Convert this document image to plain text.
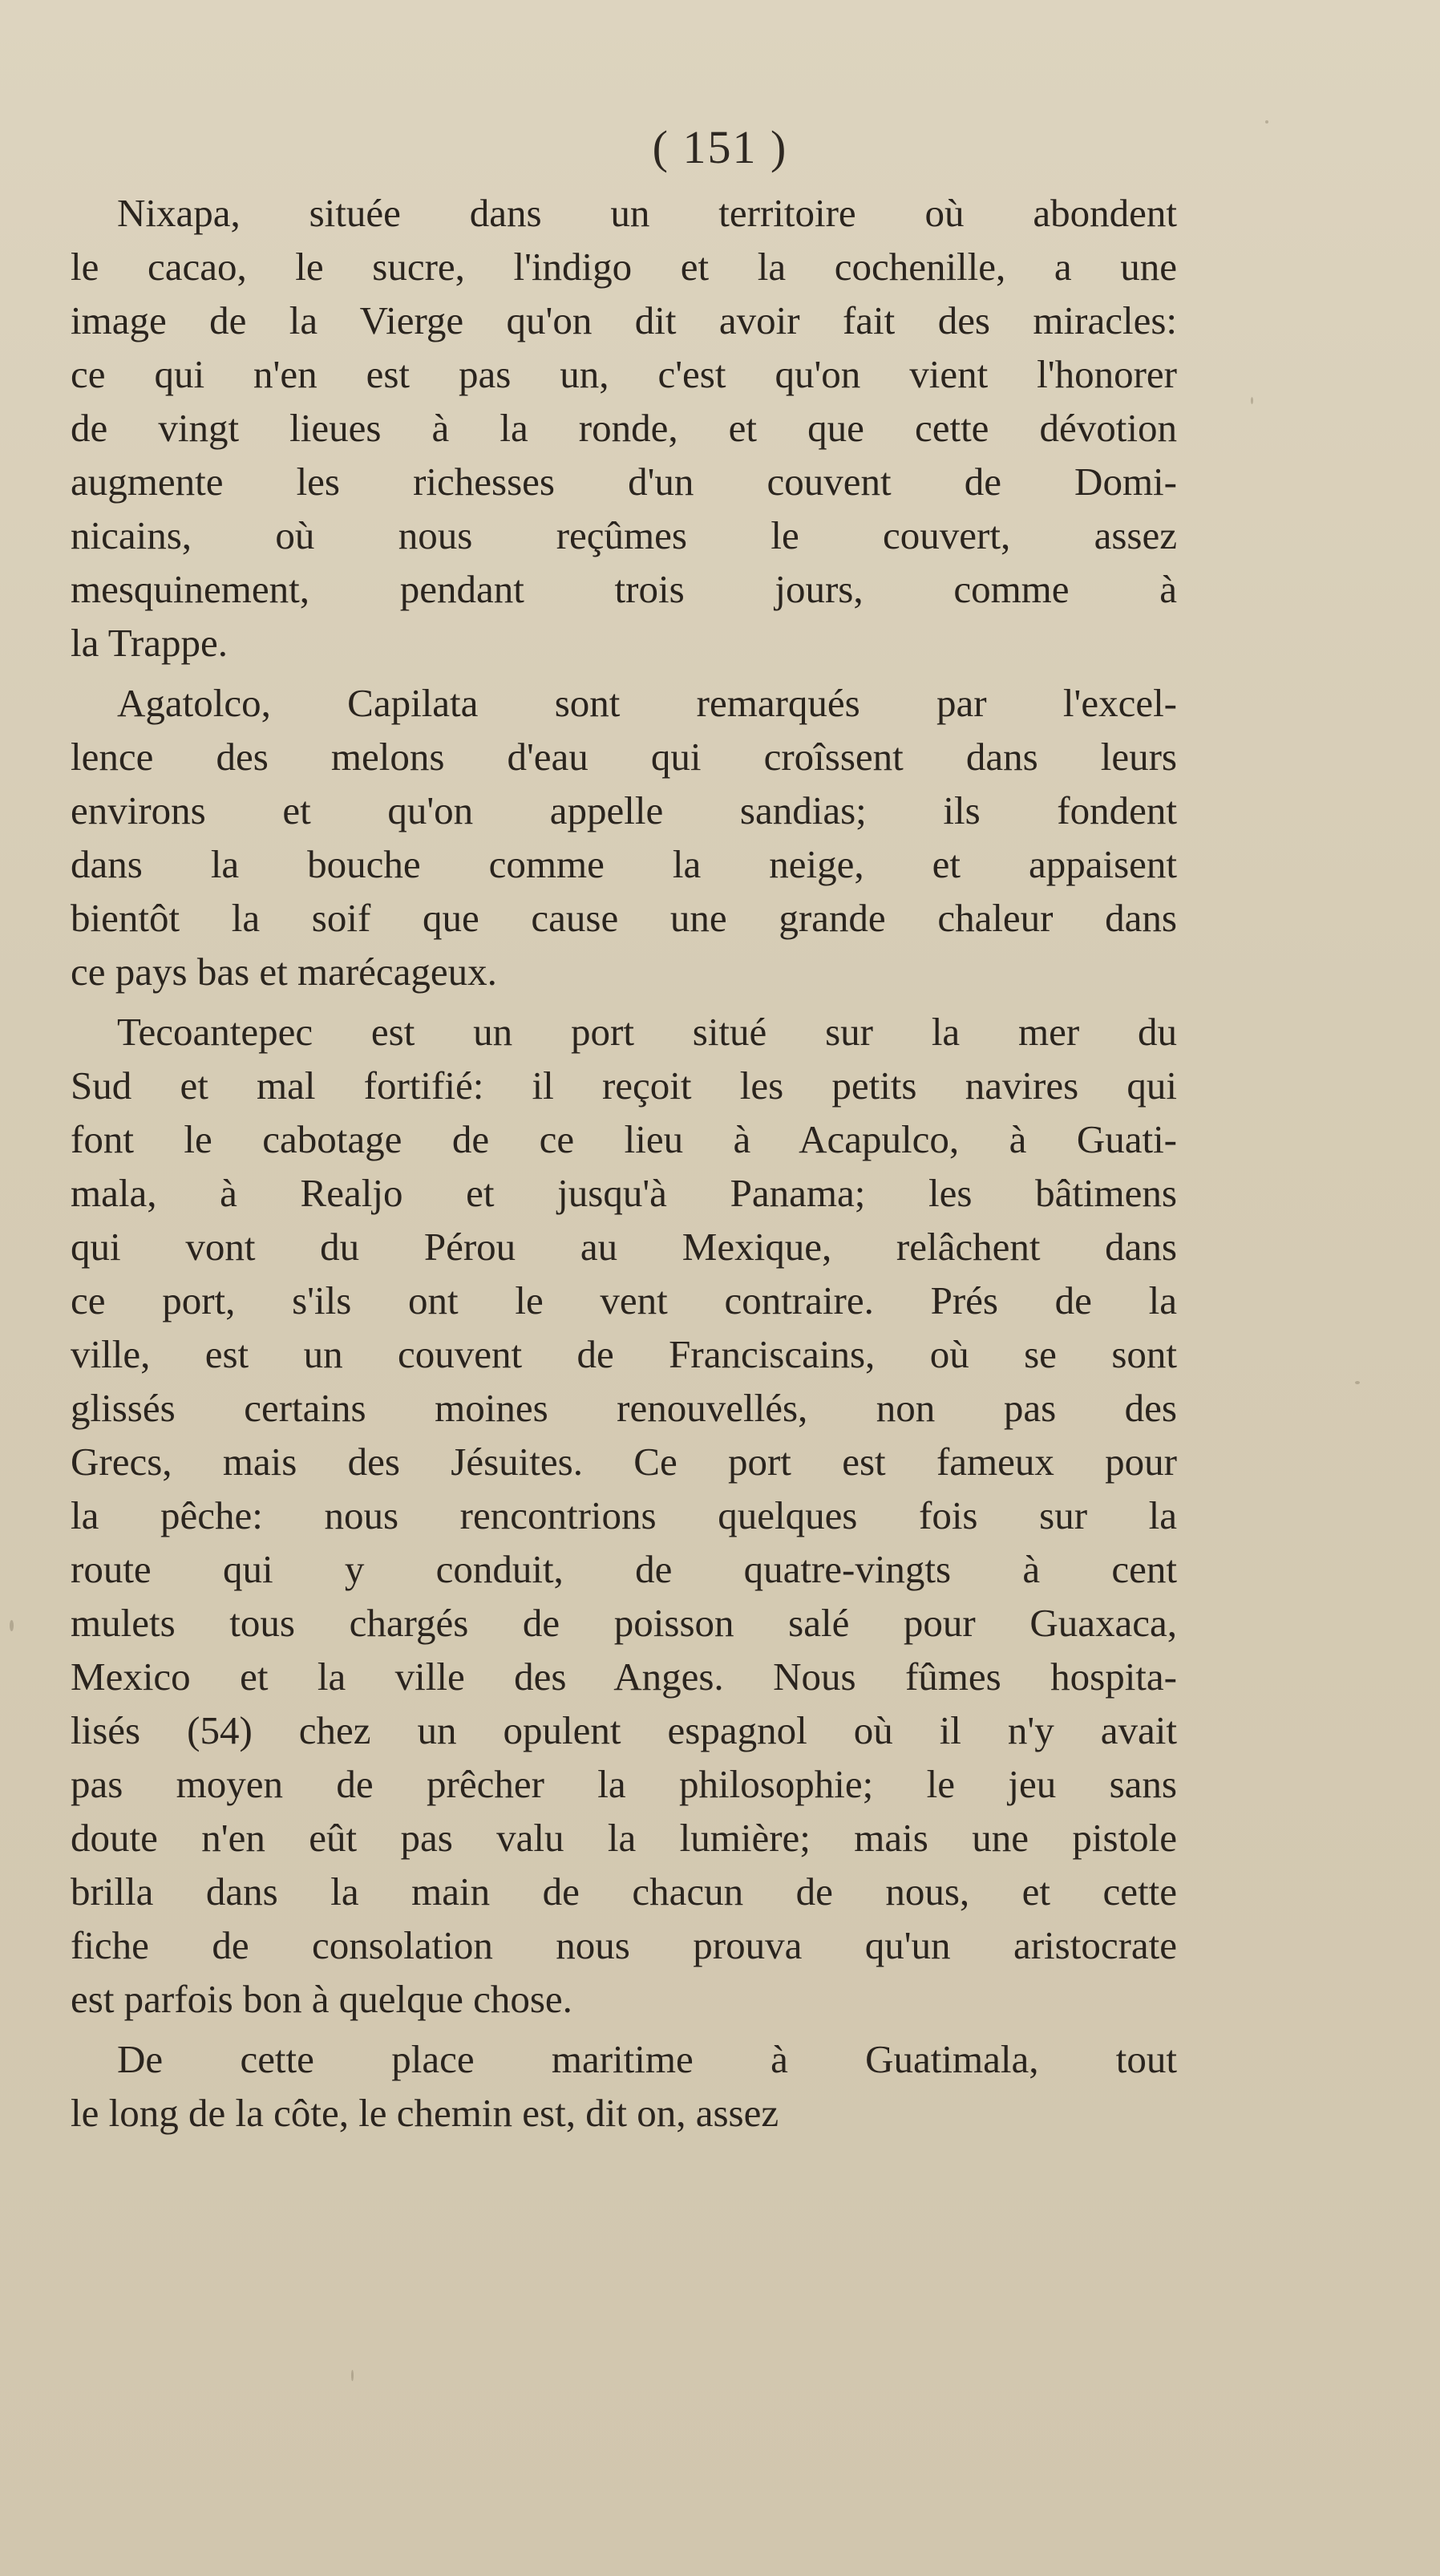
( 151 )
Nixapa, située dans un territoire où abondent
le cacao, le sucre, l'indigo et la cochenille, a une
image de la Vierge qu'on dit avoir fait des miracles:
ce qui n'en est pas un, c'est qu'on vient l'honorer
de vingt lieues à la ronde, et que cette dévotion
augmente les richesses d'un couvent de Domi-
nicains, où nous reçûmes le couvert, assez
mesquinement, pendant trois jours, comme à
la Trappe.
Agatolco, Capilata sont remarqués par l'excel-
lence des melons d'eau qui croîssent dans leurs
environs et qu'on appelle sandias; ils fondent
dans la bouche comme la neige, et appaisent
bientôt la soif que cause une grande chaleur dans
ce pays bas et marécageux.
Tecoantepec est un port situé sur la mer du
Sud et mal fortifié: il reçoit les petits navires qui
font le cabotage de ce lieu à Acapulco, à Guati-
mala, à Realjo et jusqu'à Panama; les bâtimens
qui vont du Pérou au Mexique, relâchent dans
ce port, s'ils ont le vent contraire. Prés de la
ville, est un couvent de Franciscains, où se sont
glissés certains moines renouvellés, non pas des
Grecs, mais des Jésuites. Ce port est fameux pour
la pêche: nous rencontrions quelques fois sur la
route qui y conduit, de quatre-vingts à cent
mulets tous chargés de poisson salé pour Guaxaca,
Mexico et la ville des Anges. Nous fûmes hospita-
lisés (54) chez un opulent espagnol où il n'y avait
pas moyen de prêcher la philosophie; le jeu sans
doute n'en eût pas valu la lumière; mais une pistole
brilla dans la main de chacun de nous, et cette
fiche de consolation nous prouva qu'un aristocrate
est parfois bon à quelque chose.
De cette place maritime à Guatimala, tout
le long de la côte, le chemin est, dit on, assez
